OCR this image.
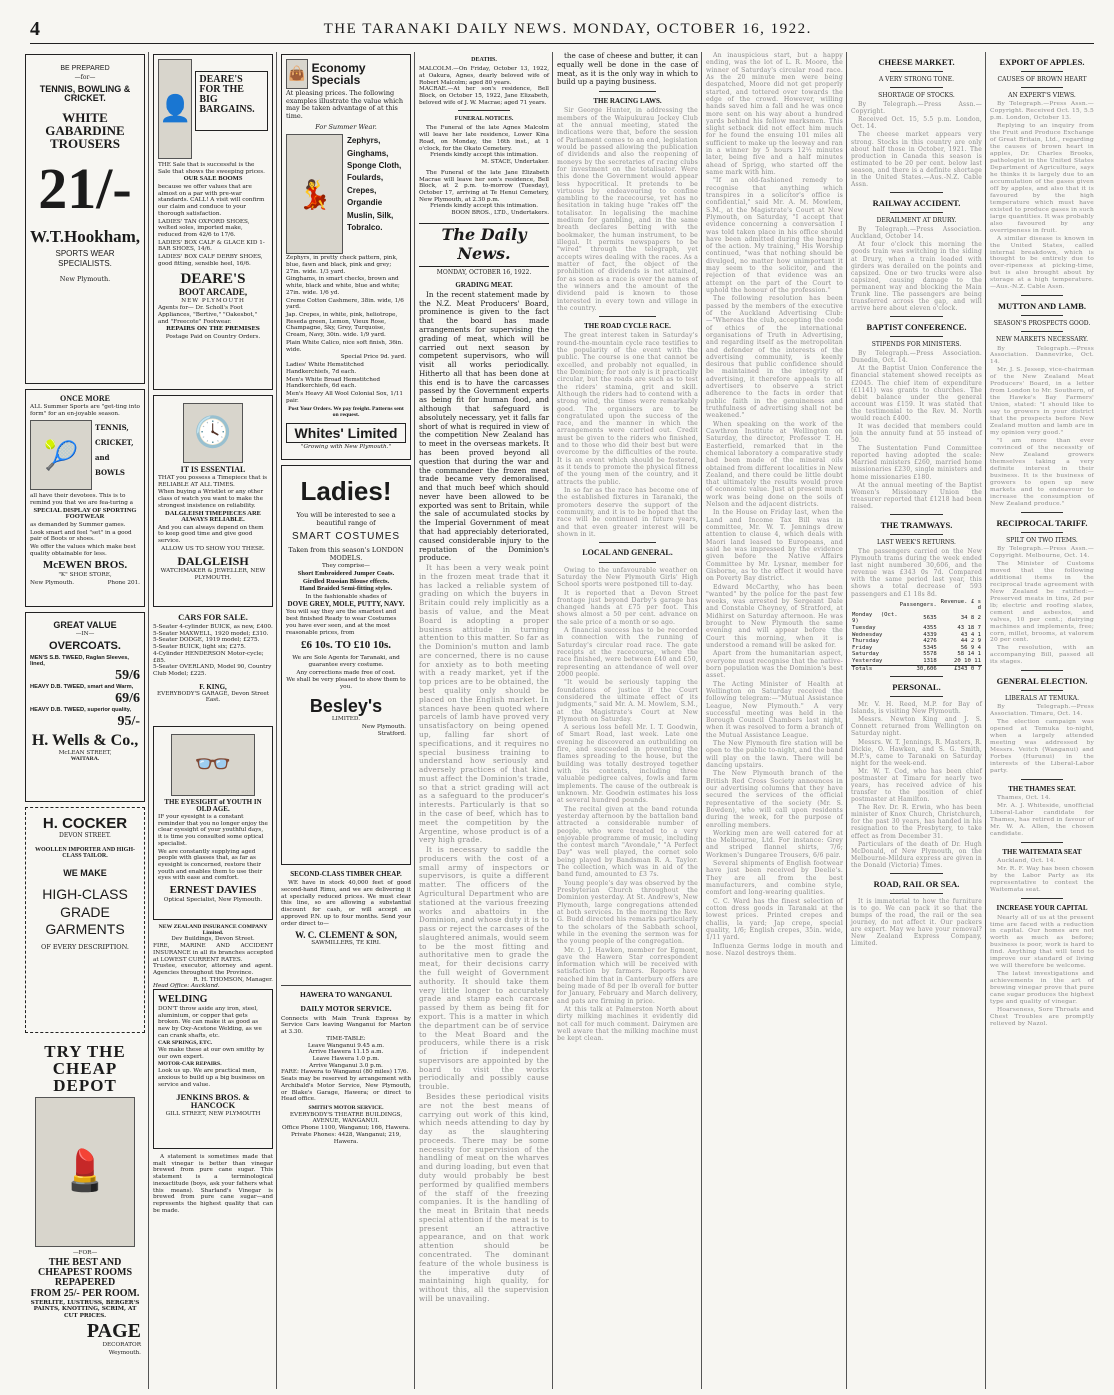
4	THE TARANAKI DAILY NEWS. MONDAY, OCTOBER 16, 1922.

BE PREPARED

—for—

TENNIS, BOWLING & CRICKET.

WHITE GABARDINE TROUSERS

21/-

W.T.Hookham,

SPORTS WEAR SPECIALISTS.

New Plymouth.

ONCE MORE

ALL Summer Sports are "get-ting into form" for an en-joyable season.

🎾

TENNIS,

CRICKET,

and

BOWLS

all have their devotees. This is to remind you that we are fea-turing a

SPECIAL DISPLAY OF SPORTING FOOTWEAR

as demanded by Summer games.

Look smart and feel "set" in a good pair of Boots or shoes.

We offer the values which make best quality obtainable for less.

McEWEN BROS.

"K" SHOE STORE,

New Plymouth.	Phone 201.

GREAT VALUE

—IN—

OVERCOATS.

MEN'S S.B. TWEED, Raglan Sleeves, lined,

59/6

HEAVY D.B. TWEED, smart and Warm,

69/6

HEAVY D.B. TWEED, superior quality,

95/-

H. Wells & Co.,

McLEAN STREET,

WAITARA.

H. COCKER

DEVON STREET.

WOOLLEN IMPORTER AND HIGH-CLASS TAILOR.

WE MAKE

HIGH-CLASS

GRADE

GARMENTS

OF EVERY DESCRIPTION.

TRY THE CHEAP DEPOT

💄

—FOR—

THE BEST AND CHEAPEST ROOMS REPAPERED

FROM 25/- PER ROOM.

STERLITE, LUSTRUSS, BERGER'S PAINTS, KNOTTING, SCRIM, AT CUT PRICES.

PAGE

DECORATOR

Weymouth.

👤
DEARE'S FOR THE BIG BARGAINS.

THE Sale that is successful is the Sale that shows the sweeping prices.

OUR SALE BOOMS

because we offer values that are almost on a par with pre-war standards. CALL! A visit will confirm our claim and conduce to your thorough satisfaction.

LADIES' TAN OXFORD SHOES, welted soles, imported make, reduced from 42/6 to 17/6.

LADIES' BOX CALF & GLACE KID 1-BAR SHOES, 14/6.

LADIES' BOX CALF DERBY SHOES, good fitting, sensible heel, 16/6.

DEARE'S

BOOT ARCADE,

NEW PLYMOUTH

Agents for— Dr. Scholl's Foot Appliances, "Bertive," "Oakesbot," and "Freecote" Footwear.

REPAIRS ON THE PREMISES

Postage Paid on Country Orders.

🕓

IT IS ESSENTIAL

THAT you possess a Timepiece that is RELIABLE AT ALL TIMES.

When buying a Wristlet or any other class of watch you want to make the strongest insistence on reliability.

DALGLEISH TIMEPIECES ARE ALWAYS RELIABLE.

And you can always depend on them to keep good time and give good service.

ALLOW US TO SHOW YOU THESE.

DALGLEISH

WATCHMAKER & JEWELLER, NEW PLYMOUTH.

CARS FOR SALE.

5-Seater 4-cylinder BUICK, as new, £400.

5-Seater MAXWELL, 1920 model; £310.

5-Seater DODGE, 1919 model; £275.

5-Seater BUICK, light six; £275.

4-Cylinder HENDERSON Motor-cycle; £85.

5-Seater OVERLAND, Model 90, Country Club Model; £225.

F. KING,

EVERYBODY'S GARAGE, Devon Street East.

👓

THE EYESIGHT of YOUTH IN OLD AGE.

IF your eyesight is a constant reminder that you no longer enjoy the clear eyesight of your youthful days, it is time you consulted some optical specialist.

We are constantly supplying aged people with glasses that, as far as eyesight is concerned, restore their youth and enables them to use their eyes with ease and comfort.

ERNEST DAVIES

Optical Specialist, New Plymouth.

NEW ZEALAND INSURANCE COMPANY Limited.

Dev Buildings, Devon Street.

FIRE, MARINE AND ACCIDENT INSURANCE in all its branches accepted at LOWEST CURRENT RATES.

Trustee, executor, attorney and agent. Agencies throughout the Province.

R. H. THOMSON, Manager.

Head Office: Auckland.

WELDING

DON'T throw aside any iron, steel, aluminium, or copper that gets broken. We can make it as good as new by Oxy-Acetone Welding, as we can crank shafts, etc.

CAR SPRINGS, ETC.

We make these at our own smithy by our own expert.

MOTOR-CAR REPAIRS.

Look us up. We are practical men, anxious to build up a big business on service and value.

JENKINS BROS. & HANCOCK

GILL STREET, NEW PLYMOUTH

A statement is sometimes made that malt vinegar is better than vinegar brewed from pure cane sugar. This statement is a terminological inexactitude (boys, ask your fathers what this means). Sharland's Vinegar is brewed from pure cane sugar—and represents the highest quality that can be made.

👜 Economy Specials

At pleasing prices. The following examples illustrate the value which may be taken advantage of at this time.

For Summer Wear.

💃

Zephyrs, Ginghams, Sponge Cloth, Foulards, Crepes, Organdie Muslin, Silk, Tobralco.

Zephyrs, in pretty check pattern, pink, blue, fawn and black, pink and grey; 27in. wide. 1/3 yard.

Ginghams, in smart checks, brown and white, black and white, blue and white; 27in. wide. 1/6 yd.

Creme Cotton Cashmere, 38in. wide, 1/6 yard.

Jap. Crepes, in white, pink, heliotrope, Reseda green, Lemon, Vieux Rose, Champagne, Sky, Grey, Turquoise, Cream, Navy, 30in. wide. 1/9 yard.

Plain White Calico, nice soft finish, 36in. wide.

Special Price 9d. yard.

Ladies' White Hemstitched Handkerchiefs, 7d each.

Men's White Broad Hemstitched Handkerchiefs, 6d each.

Men's Heavy All Wool Colonial Sox, 1/11 pair.

Post Your Orders. We pay freight. Patterns sent on request.

Whites' Limited

"Growing with New Plymouth."

Ladies!

You will be interested to see a beautiful range of

SMART COSTUMES

Taken from this season's LONDON MODELS.

They comprise—

Short Embroidered Jumper Coats.

Girdled Russian Blouse effects.

Hand Braided Semi-fitting styles.

In the fashionable shades of

DOVE GREY, MOLE, PUTTY, NAVY.

You will say they are the smartest and best finished Ready to wear Costumes you have ever seen, and at the most reasonable prices, from

£6 10s. TO £10 10s.

We are Sole Agents for Taranaki, and guarantee every costume.

Any corrections made free of cost.

We shall be very pleased to show them to you.

Besley's

LIMITED.

New Plymouth.

Stratford.

SECOND-CLASS TIMBER CHEAP.

WE have in stock 40,000 feet of good second-hand Rimu, and we are delivering it at specially reduced prices. We must clear this line, so are allowing a substantial discount for cash, or will accept an approved P.N. up to four months. Send your order direct to—

W. C. CLEMENT & SON,

SAWMILLERS, TE KIRI.

HAWERA TO WANGANUI.

DAILY MOTOR SERVICE.

Connects with Main Trunk Express by Service Cars leaving Wanganui for Marton at 3.30.

TIME-TABLE:

Leave Wanganui 9.45 a.m.

Arrive Hawera 11.15 a.m.

Leave Hawera 1.0 p.m.

Arrive Wanganui 3.0 p.m.

FARE: Hawera to Wanganui (80 miles) 17/6.

Seats may be reserved by arrangement with Archibald's Motor Service, New Plymouth, or Blake's Garage, Hawera; or direct to Head office.

SMITH'S MOTOR SERVICE.

EVERYBODY'S THEATRE BUILDINGS, AVENUE, WANGANUI.

Office Phone 1100, Wanganui; 166, Hawera.

Private Phones: 4428, Wanganui; 219, Hawera.

DEATHS.

MALCOLM.—On Friday, October 13, 1922, at Oakura, Agnes, dearly beloved wife of Robert Malcolm; aged 80 years.

MACRAE.—At her son's residence, Bell Block, on October 15, 1922, Jane Elizabeth, beloved wife of J. W. Macrae; aged 71 years.

FUNERAL NOTICES.

The Funeral of the late Agnes Malcolm will leave her late residence, Lower Kina Road, on Monday, the 16th inst., at 1 o'clock, for the Okato Cemetery.

Friends kindly accept this intimation.

M. STACE, Undertaker.

The Funeral of the late Jane Elizabeth Macrae will leave her son's residence, Bell Block, at 2 p.m. to-morrow (Tuesday), October 17, arriving at Te Henui Cemetery, New Plymouth, at 2.30 p.m.

Friends kindly accept this intimation.

BOON BROS., LTD., Undertakers.

The Daily News.

MONDAY, OCTOBER 16, 1922.

GRADING MEAT.

In the recent statement made by the N.Z. Meat Producers' Board, prominence is given to the fact that the board has made arrangements for supervising the grading of meat, which will be carried out next season by competent supervisors, who will visit all works periodically. Hitherto all that has been done at this end is to have the carcasses passed by the Government experts as being fit for human food, and although that safeguard is absolutely necessary, yet it falls far short of what is required in view of the competition New Zealand has to meet in the overseas markets. It has been proved beyond all question that during the war and the commandeer the frozen meat trade became very demoralised, and that much beef which should never have been allowed to be exported was sent to Britain, while the sale of accumulated stocks by the Imperial Government of meat that had appreciably deteriorated, caused considerable injury to the reputation of the Dominion's produce.

It has been a very weak point in the frozen meat trade that it has lacked a reliable system of grading on which the buyers in Britain could rely implicitly as a basis of value, and the Meat Board is adopting a proper business attitude in turning attention to this matter. So far as the Dominion's mutton and lamb are concerned, there is no cause for anxiety as to both meeting with a ready market, yet if the top prices are to be obtained, the best quality only should be placed on the English market. In stances have been quoted where parcels of lamb have proved very unsatisfactory on being opened up, falling far short of specifications, and it requires no special business training to understand how seriously and adversely practices of that kind must affect the Dominion's trade, so that a strict grading will act as a safeguard to the producer's interests. Particularly is that so in the case of beef, which has to meet the competition by the Argentine, whose product is of a very high grade.

It is necessary to saddle the producers with the cost of a small army of inspectors or supervisors, is quite a different matter. The officers of the Agricultural Department who are stationed at the various freezing works and abattoirs in the Dominion, and whose duty it is to pass or reject the carcases of the slaughtered animals, would seem to be the most fitting and authoritative men to grade the meat, for their decisions carry the full weight of Government authority. It should take them very little longer to accurately grade and stamp each carcase passed by them as being fit for export. This is a matter in which the department can be of service to the Meat Board and the producers, while there is a risk of friction if independent supervisors are appointed by the board to visit the works periodically and possibly cause trouble.

Besides these periodical visits are not the best means of carrying out work of this kind, which needs attending to day by day as the slaughtering proceeds. There may be some necessity for supervision of the handling of meat on the wharves and during loading, but even that duty would probably be best performed by qualified members of the staff of the freezing companies. It is the handling of the meat in Britain that needs special attention if the meat is to present an attractive appearance, and on that work attention should be concentrated. The dominant feature of the whole business is the imperative duty of maintaining high quality, for without this, all the supervision will be unavailing.

the case of cheese and butter, it can equally well be done in the case of meat, as it is the only way in which to build up a paying business.

THE RACING LAWS.

Sir George Hunter, in addressing the members of the Waipukurau Jockey Club at the annual meeting, stated the indications were that, before the session of Parliament comes to an end, legislation would be passed allowing the publication of dividends and also the reopening of moneys by the secretaries of racing clubs for investment on the totalisator. Were this done the Government would appear less hypocritical. It pretends to be virtuous by endeavouring to confine gambling to the racecourse, yet has no hesitation in taking huge "rakes off" the totalisator. In legalising the machine medium for gambling, and in the same breath declares betting with the bookmaker, the human instrument, to be illegal. It permits newspapers to be "wired" through the telegraph, yet accepts wires dealing with the races. As a matter of fact, the object of the prohibition of dividends is not attained, for as soon as a race is over the names of the winners and the amount of the dividend paid is known to those interested in every town and village in the country.

THE ROAD CYCLE RACE.

The great interest taken in Saturday's round-the-mountain cycle race testifies to the popularity of the event with the public. The course is one that cannot be excelled, and probably not equalled, in the Dominion; for not only is it practically circular, but the roads are such as to test the riders' stamina, grit and skill. Although the riders had to contend with a strong wind, the times were remarkably good. The organisers are to be congratulated upon the success of the race, and the manner in which the arrangements were carried out. Credit must be given to the riders who finished, and to those who did their best but were overcome by the difficulties of the route. It is an event which should be fostered, as it tends to promote the physical fitness of the young men of the country, and it attracts the public.

In so far as the race has become one of the established fixtures in Taranaki, the promoters deserve the support of the community, and it is to be hoped that the race will be continued in future years, and that even greater interest will be shown in it.

LOCAL AND GENERAL.

Owing to the unfavourable weather on Saturday the New Plymouth Girls' High School sports were postponed till to-day.

It is reported that a Devon Street frontage just beyond Darby's garage has changed hands at £75 per foot. This shows almost a 50 per cent. advance on the sale price of a month or so ago.

A financial success has to be recorded in connection with the running of Saturday's circular road race. The gate receipts at the racecourse, where the race finished, were between £40 and £50, representing an attendance of well over 2000 people.

"It would be seriously tapping the foundations of justice if the Court considered the ultimate effect of its judgments," said Mr. A. M. Mowlem, S.M., at the Magistrate's Court at New Plymouth on Saturday.

A serious loss befell Mr. I. T. Goodwin, of Smart Road, last week. Late one evening he discovered an outbuilding on fire, and succeeded in preventing the flames spreading to the house, but the building was totally destroyed together with its contents, including three valuable pedigree calves, fowls and farm implements. The cause of the outbreak is unknown. Mr. Goodwin estimates his loss at several hundred pounds.

The recital given at the band rotunda yesterday afternoon by the battalion band attracted a considerable number of people, who were treated to a very enjoyable programme of music, including the contest march "Avondale," "A Perfect Day" was well played, the cornet solo being played by Bandsman R. A. Taylor. The collection, which was in aid of the band fund, amounted to £3 7s.

Young people's day was observed by the Presbyterian Church throughout the Dominion yesterday. At St. Andrew's, New Plymouth, large congregations attended at both services. In the morning the Rev. G. Budd directed his remarks particularly to the scholars of the Sabbath school, while in the evening the sermon was for the young people of the congregation.

Mr. O. J. Hawken, member for Egmont, gave the Hawera Star correspondent information which will be received with satisfaction by farmers. Reports have reached him that in Canterbury offers are being made of 8d per lb overall for butter for January, February and March delivery, and pats are firming in price.

At this talk at Palmerston North about dirty milking machines it evidently did not call for much comment. Dairymen are well aware that the milking machine must be kept clean.

An inauspicious start, but a happy ending, was the lot of L. R. Moore, the winner of Saturday's circular road race. As the 20 minute men were being despatched, Moore did not get properly started, and tottered over towards the edge of the crowd. However, willing hands saved him a fall and he was once more sent on his way about a hundred yards behind his fellow marksmen. This slight setback did not effect him much for he found the ensuing 101 miles all sufficient to make up the leeway and ran in a winner by 5 hours 12½ minutes later, being five and a half minutes ahead of Sprigg, who started off the same mark with him.

"If an old-fashioned remedy to recognise that anything which transpires in a solicitor's office is confidential," said Mr. A. M. Mowlem, S.M., at the Magistrate's Court at New Plymouth, on Saturday, "I accept that evidence concerning a conversation I was told taken place in his office should have been admitted during the hearing of the action. My training," His Worship continued, "was that nothing should be divulged, no matter how unimportant it may seem to the solicitor, and the rejection of that evidence was an attempt on the part of the Court to uphold the honour of the profession."

The following resolution has been passed by the members of the executive of the Auckland Advertising Club:—"Whereas the club, accepting the code of ethics of the international organisations of Truth in Advertising, and regarding itself as the metropolitan and defender of the interests of the advertising community, is keenly desirous that public confidence should be maintained in the integrity of advertising, it therefore appeals to all advertisers to observe a strict adherence to the facts in order that public faith in the genuineness and truthfulness of advertising shall not be weakened."

When speaking on the work of the Cawthron Institute at Wellington on Saturday, the director, Professor T. H. Easterfield, remarked that in the chemical laboratory a comparative study had been made of the mineral oils obtained from different localities in New Zealand, and there could be little doubt that ultimately the results would prove of economic value. Just at present much work was being done on the soils of Nelson and the adjacent districts.

In the House on Friday last, when the Land and Income Tax Bill was in committee, Mr. W. T. Jennings drew attention to clause 4, which deals with Maori land leased to Europeans, and said he was impressed by the evidence given before the Native Affairs Committee by Mr. Lysnar, member for Gisborne, as to the effect it would have on Poverty Bay district.

Edward McCarthy, who has been "wanted" by the police for the past few weeks, was arrested by Sergeant Dale and Constable Cheyney, of Stratford, at Midhirst on Saturday afternoon. He was brought to New Plymouth the same evening and will appear before the Court this morning, when it is understood a remand will be asked for.

Apart from the humanitarian aspect, everyone must recognise that the native-born population was the Dominion's best asset.

The Acting Minister of Health at Wellington on Saturday received the following telegram:—"Mutual Assistance League, New Plymouth." A very successful meeting was held in the Borough Council Chambers last night, when it was resolved to form a branch of the Mutual Assistance League.

The New Plymouth fire station will be open to the public to-night, and the band will play on the lawn. There will be dancing upstairs.

The New Plymouth branch of the British Red Cross Society announces in our advertising columns that they have secured the services of the official representative of the society (Mr. S. Bowden), who will call upon residents during the week, for the purpose of enrolling members.

Working men are well catered for at the Melbourne, Ltd. For instance: Grey and striped flannel shirts, 7/6; Workmen's Dungaree Trousers, 6/6 pair.

Several shipments of English footwear have just been received by Deelie's. They are all from the best manufacturers, and combine style, comfort and long-wearing qualities.

C. C. Ward has the finest selection of cotton dress goods in Taranaki at the lowest prices. Printed crepes and challis, la yard; Jap crepe, special quality, 1/6; English crepes, 35in. wide, 1/11 yard.

Influenza Germs lodge in mouth and nose. Nazol destroys them.

CHEESE MARKET.

A VERY STRONG TONE.

SHORTAGE OF STOCKS.

By Telegraph.—Press Assn.—Copyright.

Received Oct. 15, 5.5 p.m. London, Oct. 14.

The cheese market appears very strong. Stocks in this country are only about half those in October, 1921. The production in Canada this season is estimated to be 20 per cent. below last season, and there is a definite shortage in the United States.—Aus.-N.Z. Cable Assn.

RAILWAY ACCIDENT.

DERAILMENT AT DRURY.

By Telegraph.—Press Association. Auckland, October 14.

At four o'clock this morning the goods train was switching in the siding at Drury, when a train loaded with girders was derailed on the points and capsized. One or two trucks were also capsized, causing damage to the permanent way and blocking the Main Trunk line. The passengers are being transferred across the gap, and will arrive here about eleven o'clock.

BAPTIST CONFERENCE.

STIPENDS FOR MINISTERS.

By Telegraph.—Press Association. Dunedin, Oct. 14.

At the Baptist Union Conference the financial statement showed receipts as £2045. The chief item of expenditure (£1141) was grants to churches. The debit balance under the general account was £159. It was stated that the testimonial to the Rev. M. North would reach £400.

It was decided that members could join the annuity fund at 55 instead of 50.

The Sustentation Fund Committee reported having adopted the scale: Married ministers £260, married home missionaries £230, single ministers and home missionaries £180.

At the annual meeting of the Baptist Women's Missionary Union the treasurer reported that £1218 had been raised.

THE TRAMWAYS.

LAST WEEK'S RETURNS.

The passengers carried on the New Plymouth trams during the week ended last night numbered 30,606, and the revenue was £343 0s 7d. Compared with the same period last year, this shows a total decrease of 593 passengers and £1 18s 8d.

	Passengers.	Revenue. £ s d
Monday (Oct. 9)	5635	34 8 2
Tuesday	4355	43 18 7
Wednesday	4339	43 4 1
Thursday	4276	44 2 9
Friday	5345	56 9 4
Saturday	5578	58 14 1
Yesterday	1318	20 10 11
Totals	30,606	£343 0 7

PERSONAL.

Mr. V. H. Reed, M.P. for Bay of Islands, is visiting New Plymouth.

Messrs. Newton King and J. S. Connett returned from Wellington on Saturday night.

Messrs. W. T. Jennings, R. Masters, R. Dickie, O. Hawken, and S. G. Smith, M.P.'s, came to Taranaki on Saturday night for the week-end.

Mr. W. T. Cod, who has been chief postmaster at Timaru for nearly two years, has received advice of his transfer to the position of chief postmaster at Hamilton.

The Rev. Dr. R. Erwin, who has been minister of Knox Church, Christchurch, for the past 30 years, has handed in his resignation to the Presbytery, to take effect as from December 31.

Particulars of the death of Dr. Hugh McDonald, of New Plymouth, on the Melbourne-Mildura express are given in the Donald (Victoria) Times.

ROAD, RAIL OR SEA.

It is immaterial to how the furniture is to go. We can pack it so that the bumps of the road, the rail or the sea journey, do not affect it. Our packers are expert. May we have your removal? New Zealand Express Company, Limited.

EXPORT OF APPLES.

CAUSES OF BROWN HEART

AN EXPERT'S VIEWS.

By Telegraph.—Press Assn.—Copyright. Received Oct. 15, 5.5 p.m. London, October 13.

Replying to an inquiry from the Fruit and Produce Exchange of Great Britain, Ltd., regarding the causes of brown heart in apples, Dr. Charles Brooks, pathologist in the United States Department of Agriculture, says he thinks it is largely due to an accumulation of the gases given off by apples, and also that it is favoured by the high temperature which must have existed to produce gases in such large quantities. It was probably also favoured by any overripeness in fruit.

A similar disease is known in the United States, called internal breakdown, which is thought to be entirely due to over-ripeness at picking-time, but is also brought about by storage at a high temperature.—Aus.-N.Z. Cable Assn.

MUTTON AND LAMB.

SEASON'S PROSPECTS GOOD.

NEW MARKETS NECESSARY.

By Telegraph.—Press Association. Dannevirke, Oct. 14.

Mr. J. S. Jessep, vice-chairman of the New Zealand Meat Producers' Board, in a letter from London to Mr. Southern, of the Hawke's Bay Farmers' Union, stated: "I should like to say to growers in your district that the prospects before New Zealand mutton and lamb are in my opinion very good."

"I am more than ever convinced of the necessity of New Zealand growers themselves taking a very definite interest in their business. It is the business of growers to open up new markets and to endeavour to increase the consumption of New Zealand produce."

RECIPROCAL TARIFF.

SPILT ON TWO ITEMS.

By Telegraph.—Press Assn.—Copyright. Melbourne, Oct. 14.

The Minister of Customs moved that the following additional items in the reciprocal trade agreement with New Zealand be ratified:—Preserved meats in tins, 2d per lb; electric and roofing slates, cement and asbestos, and valves, 10 per cent.; dairying machines and implements, free; corn, millet, brooms, at valorem 20 per cent.

The resolution, with an accompanying Bill, passed all its stages.

GENERAL ELECTION.

LIBERALS AT TEMUKA.

By Telegraph.—Press Association. Timaru, Oct. 14.

The election campaign was opened at Temuka to-night, when a largely attended meeting was addressed by Messrs. Veitch (Wanganui) and Forbes (Hurunui) in the interests of the Liberal-Labor party.

THE THAMES SEAT.

Thames, Oct. 14.

Mr. A. J. Whiteside, unofficial Liberal-Labor candidate for Thames, has retired in favour of Mr. W. A. Allen, the chosen candidate.

THE WAITEMATA SEAT

Auckland, Oct. 14.

Mr. R. F. Way has been chosen by the Labor Party as its representative to contest the Waitemata seat.

INCREASE YOUR CAPITAL

Nearly all of us at the present time are faced with a reduction in capital. Our homes are not worth as much as before; business is poor, work is hard to find. Anything that will tend to improve our standard of living we will therefore be welcome.

The latest investigations and achievements in the art of brewing vinegar prove that pure cane sugar produces the highest type and quality of vinegar.

Hoarseness, Sore Throats and Chest Troubles are promptly relieved by Nazol.
